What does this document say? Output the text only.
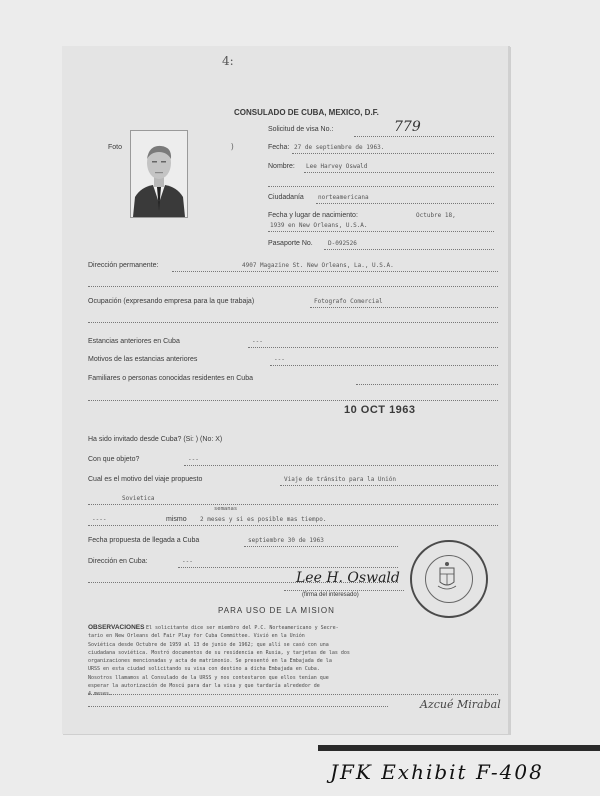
4:
CONSULADO DE CUBA, MEXICO, D.F.
Solicitud de visa No.:	779
Foto	)	Fecha: 27 de septiembre de 1963.
Nombre: Lee Harvey Oswald
Ciudadanía norteamericana
Fecha y lugar de nacimiento:	Octubre 18,
1939 en New Orleans, U.S.A.
Pasaporte No.	D-092526
Dirección permanente:	4907 Magazine St. New Orleans, La., U.S.A.
Ocupación (expresando empresa para la que trabaja)	Fotografo Comercial
Estancias anteriores en Cuba	---
Motivos de las estancias anteriores	---
Familiares o personas conocidas residentes en Cuba
10 OCT 1963
Ha sido invitado desde Cuba? (Si: ) (No: X)
Con que objeto?	---
Cual es el motivo del viaje propuesto	Viaje de tránsito para la Unión
Sovietica
semanas
----	mismo 2 meses y si es posible mas tiempo.
Fecha propuesta de llegada a Cuba	septiembre 30 de 1963
Dirección en Cuba:	---
Lee H. Oswald
(firma del interesado)
PARA USO DE LA MISION
OBSERVACIONES El solicitante dice ser miembro del P.C. Norteamericano y Secre-
tario en New Orleans del Fair Play for Cuba Committee. Vivió en la Unión
Soviética desde Octubre de 1959 al 13 de junio de 1962; que allí se casó con una
ciudadana soviética. Mostró documentos de su residencia en Rusia, y tarjetas de las dos
organizaciones mencionadas y acta de matrimonio. Se presentó en la Embajada de la
URSS en esta ciudad solicitando su visa con destino a dicha Embajada en Cuba.
Nosotros llamamos al Consulado de la URSS y nos contestaron que ellos tenían que
esperar la autorización de Moscú para dar la visa y que tardaría alrededor de
4 meses.
Azcué Mirabal
JFK Exhibit F-408
